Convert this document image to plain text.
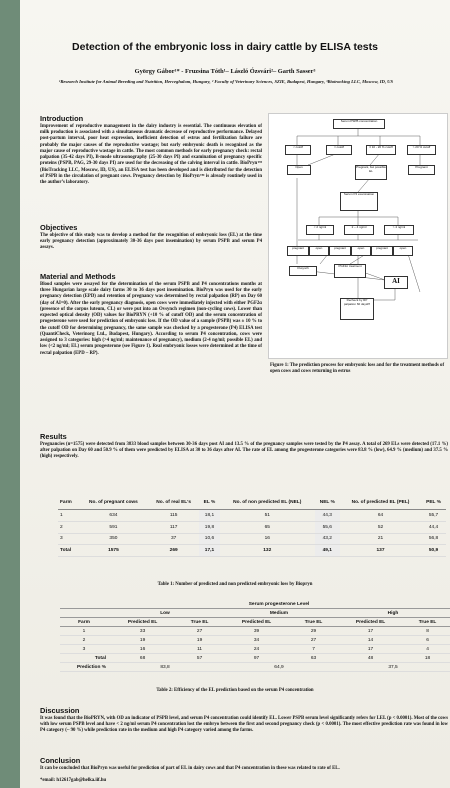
Detection of the embryonic loss in dairy cattle by ELISA tests
György Gábor¹* - Fruzsina Tóth¹– László Ózsvári²– Garth Sasser³
¹Research Institute for Animal Breeding and Nutrition, Herceghalom, Hungary, ² Faculty of Veterinary Sciences, SZIE, Budapest, Hungary, ³Biotracking LLC, Moscow, ID, US
Introduction
Improvement of reproductive management in the dairy industry is essential. The continuous elevation of milk production is associated with a simultaneous dramatic decrease of reproductive performance. Delayed post-partum interval, poor heat expression, inefficient detection of estrus and fertilization failure are probably the major causes of the reproductive wastage; but early embryonic death is recognized as the major cause of reproductive wastage in cattle. The most common methods for early pregnancy check: rectal palpation (35-42 days PI), B-mode ultrasonography (25-30 days PI) and examination of pregnancy specific proteins (PSPB, PAG, 29-30 days PI) are used for the decreasing of the calving interval in cattle. BioPryn™ (BioTracking LLC, Moscow, ID, US), an ELISA test has been developed and is distributed for the detection of PSPB in the circulation of pregnant cows. Pregnancy detection by BioPryn™ is already routinely used in the author’s laboratory.
Objectives
The objective of this study was to develop a method for the recognition of embryonic loss (EL) at the time early pregnancy detection (approximately 30-36 days post insemination) by serum PSPB and serum P4 assays.
Material and Methods
Blood samples were assayed for the determination of the serum PSPB and P4 concentrations months at three Hungarian large scale dairy farms 30 to 36 days post insemination. BioPryn was used for the early pregnancy detection (EPD) and retention of pregnancy was determined by rectal palpation (RP) on Day 60 (day of AI=0). After the early pregnancy diagnosis, open cows were immediately injected with either PGF2α (presence of the corpus luteum, CL) or were put into an Ovsynch regimen (non-cycling cows). Lower than expected optical density (OD) values for BioPRYN (+10 % of cutoff OD) and the serum concentration of progesterone were used for prediction of embryonic loss. If the OD value of a sample (PSPB) was ± 10 % to the cutoff OD for determining pregnancy, the same sample was checked by a progesterone (P4) ELISA test (QuantiCheck, Veterinorg Ltd., Budapest, Hungary). According to serum P4 concentration, cows were assigned to 3 categories: high (>4 ng/ml; maintenance of pregnancy), medium (2-4 ng/ml; possible EL) and low (<2 ng/ml; EL) serum progesterone (see Figure 1). Real embryonic losses were determined at the time of rectal palpation (EPD – RP).
Serum PSPB concentration
< cutoff	= cutoff	± 10 - 20 % cutoff	> 20 % cutoff
Open	Pregnant, but possible EL
Pregnant
Serum P4 examination
< 2 ng/ml	2 – 4 ng/ml	> 4 ng/ml
pregnant	open	pregnant	open	pregnant	open
Ovsynch	PGF2α treatment
AI
Recheck by RP palpation 60 daysPI
Figure 1: The prediction process for embryonic loss and for the treatment methods of open cows and cows returning in estrus
Results
Pregnancies (n=1575) were detected from 3833 blood samples between 30-36 days post AI and 13.5 % of the pregnancy samples were tested by the P4 assay. A total of 269 ELs were detected (17.1 %) after palpation on Day 60 and 50.9 % of them were predicted by ELISA at 30 to 36 days after AI. The rate of EL among the progesterone categories were 83.8 % (low), 64.9 % (medium) and 37.5 % (high) respectively.
Farm	No. of pregnant cows	No. of real EL's	EL %	No. of non predicted EL (NEL)	NEL %	No. of predicted EL (PEL)	PEL %
1	634	115	18,1	51	44,3	64	55,7
2	591	117	19,8	65	55,6	52	44,4
3	350	37	10,6	16	43,2	21	56,8
Total	1575	269	17,1	132	49,1	137	50,9
Table 1: Number of predicted and non predicted embryonic loss by Biopryn
	Serum progesterone Level					
	Low		Medium		High	
Farm	Predicted EL	True EL	Predicted EL	True EL	Predicted EL	True EL
1	33	27	39	29	17	8
2	19	19	34	27	14	6
3	16	11	24	7	17	4
Total	68	57	97	63	48	18
Prediction %	83,8		64,9		37,5	
Table 2: Efficiency of the EL prediction based on the serum P4 concentration
Discussion
It was found that the BioPRYN, with OD an indicator of PSPB level, and serum P4 concentration could identify EL. Lower PSPB serum level significantly refers for LEL (p < 0.0001). Most of the cows with low serum PSPB level and have < 2 ng/ml serum P4 concentration lost the embryo between the first and second pregnancy check (p < 0.0001). The most effective prediction rate was found in low P4 category (~ 90 %) while prediction rate in the medium and high P4 category varied among the farms.
Conclusion
It can be concluded that BioPryn was useful for prediction of part of EL in dairy cows and that P4 concentration in these was related to rate of EL.
*email: h12617gab@helka.iif.hu
